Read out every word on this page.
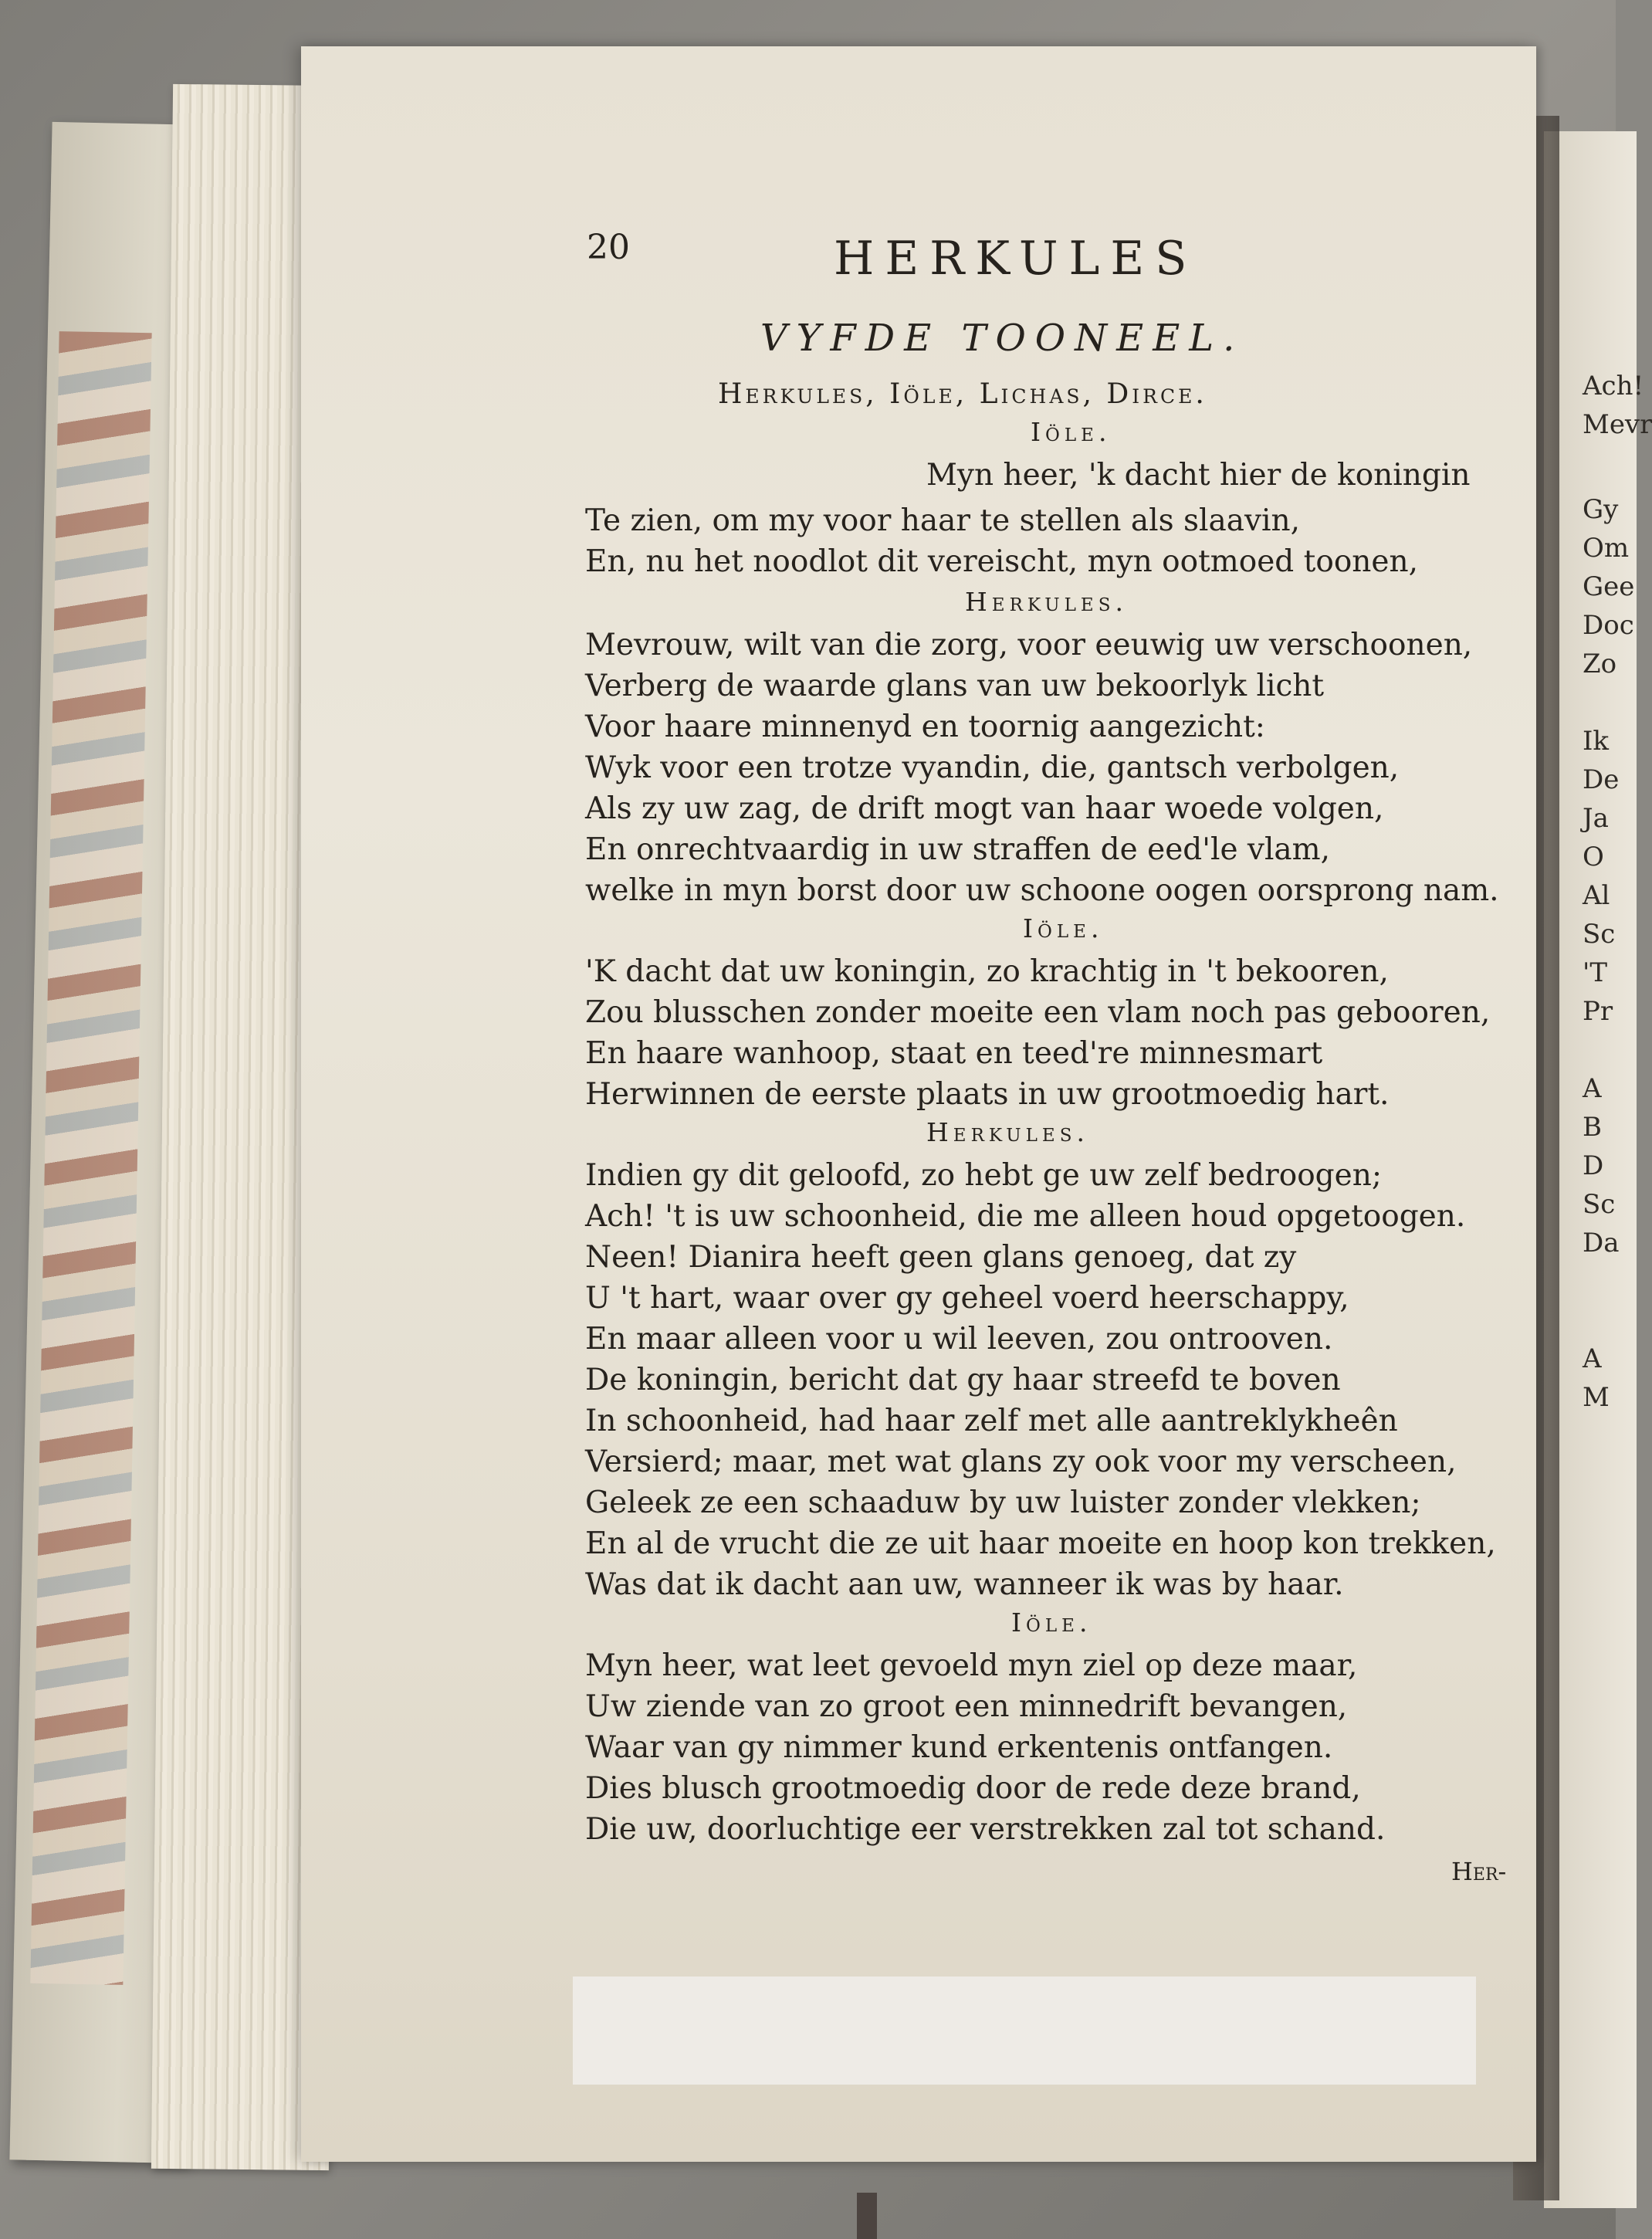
20	HERKULES
VYFDE TOONEEL.
Herkules, Iöle, Lichas, Dirce.
Iöle.
Myn heer, 'k dacht hier de koningin
Te zien, om my voor haar te stellen als slaavin,
En, nu het noodlot dit vereischt, myn ootmoed toonen,
Herkules.
Mevrouw, wilt van die zorg, voor eeuwig uw verschoonen,
Verberg de waarde glans van uw bekoorlyk licht
Voor haare minnenyd en toornig aangezicht:
Wyk voor een trotze vyandin, die, gantsch verbolgen,
Als zy uw zag, de drift mogt van haar woede volgen,
En onrechtvaardig in uw straffen de eed'le vlam,
welke in myn borst door uw schoone oogen oorsprong nam.
Iöle.
'K dacht dat uw koningin, zo krachtig in 't bekooren,
Zou blusschen zonder moeite een vlam noch pas gebooren,
En haare wanhoop, staat en teed're minnesmart
Herwinnen de eerste plaats in uw grootmoedig hart.
Herkules.
Indien gy dit geloofd, zo hebt ge uw zelf bedroogen;
Ach! 't is uw schoonheid, die me alleen houd opgetoogen.
Neen! Dianira heeft geen glans genoeg, dat zy
U 't hart, waar over gy geheel voerd heerschappy,
En maar alleen voor u wil leeven, zou ontrooven.
De koningin, bericht dat gy haar streefd te boven
In schoonheid, had haar zelf met alle aantreklykheên
Versierd; maar, met wat glans zy ook voor my verscheen,
Geleek ze een schaaduw by uw luister zonder vlekken;
En al de vrucht die ze uit haar moeite en hoop kon trekken,
Was dat ik dacht aan uw, wanneer ik was by haar.
Iöle.
Myn heer, wat leet gevoeld myn ziel op deze maar,
Uw ziende van zo groot een minnedrift bevangen,
Waar van gy nimmer kund erkentenis ontfangen.
Dies blusch grootmoedig door de rede deze brand,
Die uw, doorluchtige eer verstrekken zal tot schand.
Her-
Ach!
Mevr
Gy
Om
Gee
Doc
Zo
Ik
De
Ja
O
Al
Sc
'T
Pr
A
B
D
Sc
Da
A
M
